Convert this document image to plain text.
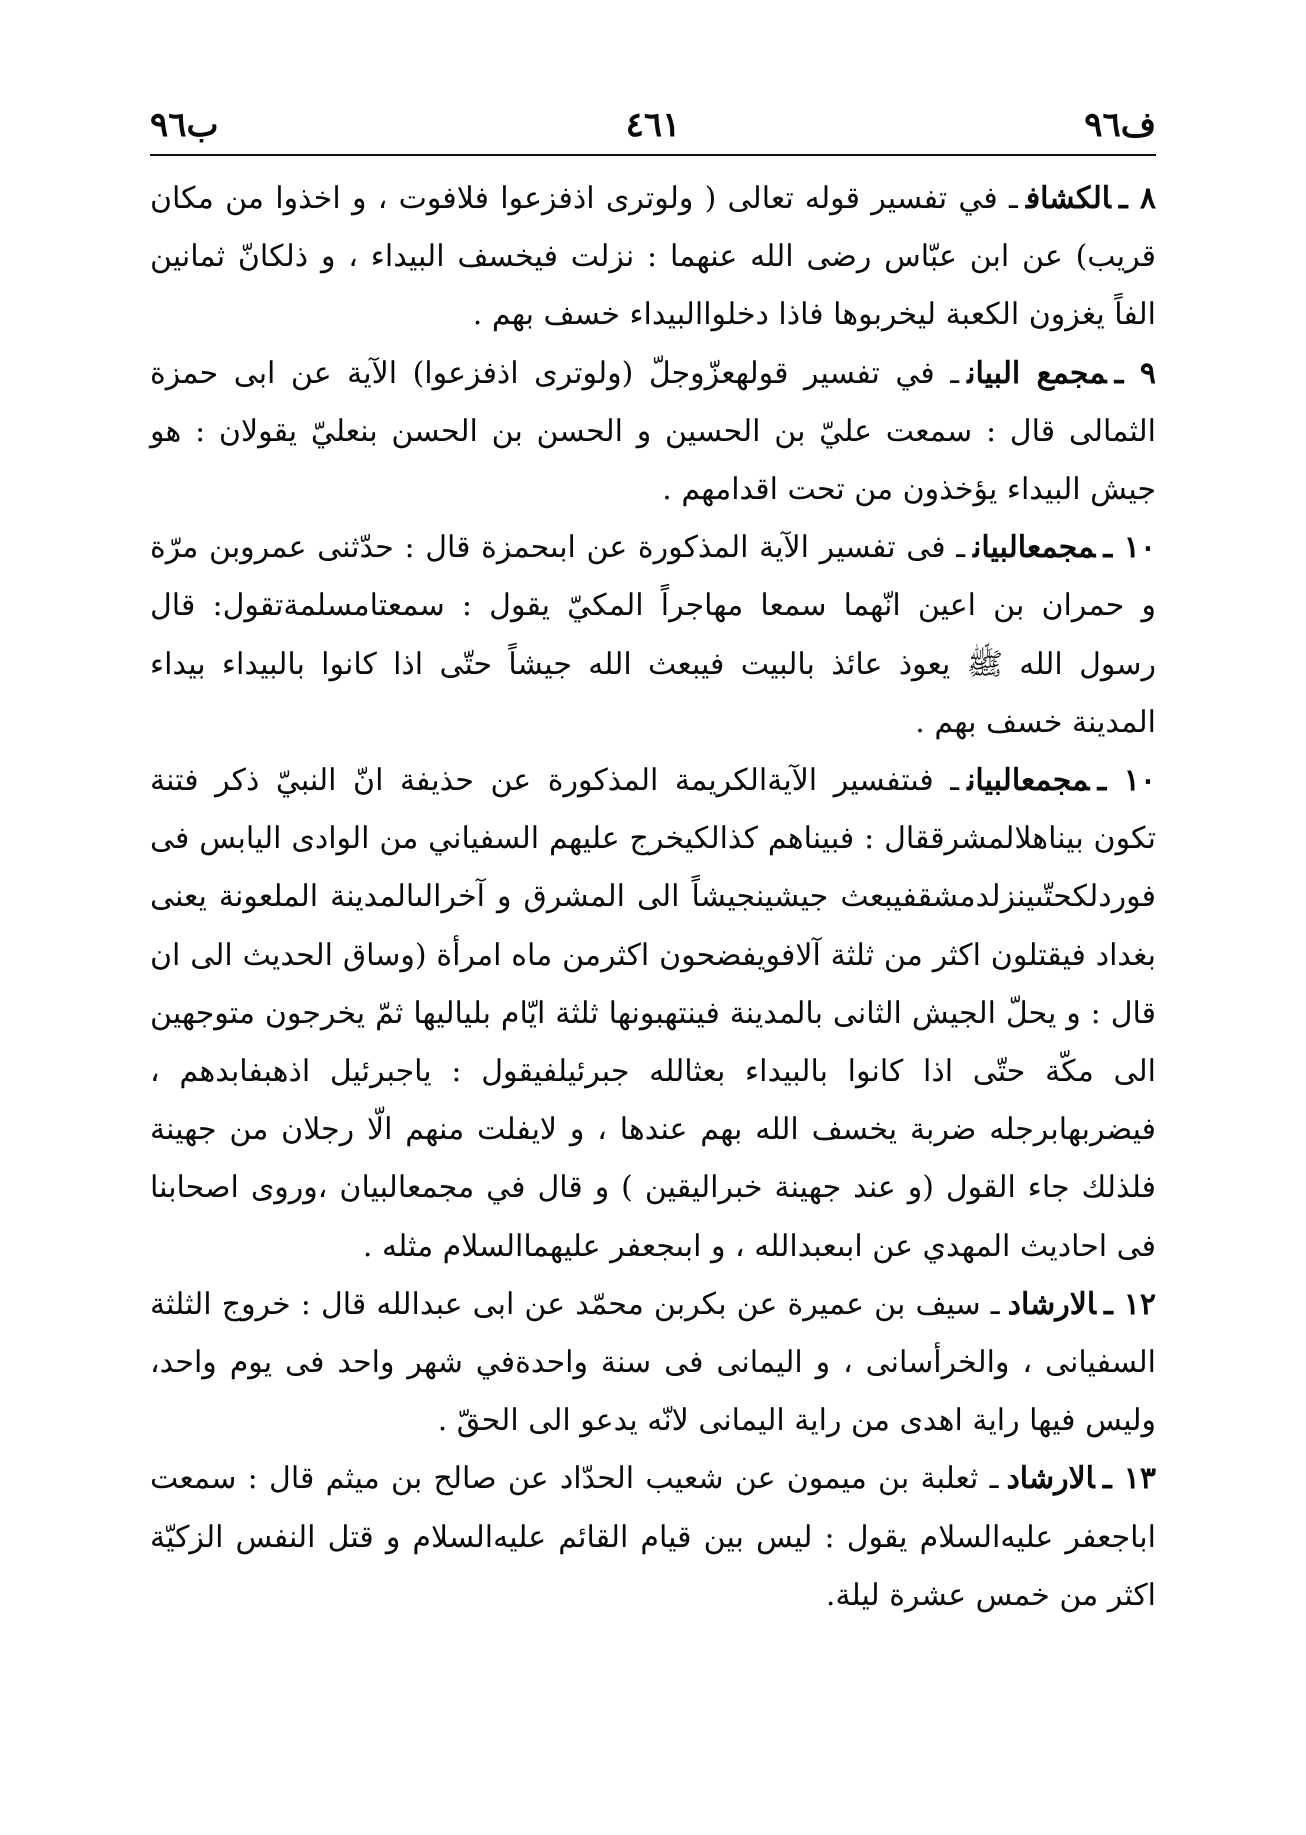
ف٩٦
٤٦١
ب٩٦

٨ ـالكشافـ في تفسير قوله تعالى ( ولوترى اذفزعوا فلافوت ، و اخذوا من مكان قريب) عن ابن عبّاس رضى الله عنهما : نزلت فيخسف البيداء ، و ذلكانّ ثمانين الفاً يغزون الكعبة ليخربوها فاذا دخلواالبيداء خسف بهم .

٩ ـمجمع البيانـ في تفسير قولهعزّوجلّ (ولوترى اذفزعوا) الآية عن ابى حمزة الثمالى قال : سمعت عليّ بن الحسين و الحسن بن الحسن بنعليّ يقولان : هو جيش البيداء يؤخذون من تحت اقدامهم .

١٠ ـمجمعالبيانـ فى تفسير الآية المذكورة عن ابىحمزة قال : حدّثنى عمروبن مرّة و حمران بن اعين انّهما سمعا مهاجراً المكيّ يقول : سمعتامسلمةتقول: قال رسول الله ﷺ يعوذ عائذ بالبيت فيبعث الله جيشاً حتّى اذا كانوا بالبيداء بيداء المدينة خسف بهم .

١٠ ـمجمعالبيانـ فىتفسير الآيةالكريمة المذكورة عن حذيفة انّ النبيّ ذكر فتنة تكون بيناهلالمشرققال : فبيناهم كذالكيخرج عليهم السفياني من الوادى اليابس فى فوردلكحتّىينزلدمشقفيبعث جيشينجيشاً الى المشرق و آخرالىالمدينة الملعونة يعنى بغداد فيقتلون اكثر من ثلثة آلافويفضحون اكثرمن ماه امرأة (وساق الحديث الى ان قال : و يحلّ الجيش الثانى بالمدينة فينتهبونها ثلثة ايّام بلياليها ثمّ يخرجون متوجهين الى مكّة حتّى اذا كانوا بالبيداء بعثالله جبرئيلفيقول : ياجبرئيل اذهبفابدهم ، فيضربهابرجله ضربة يخسف الله بهم عندها ، و لايفلت منهم الّا رجلان من جهينة فلذلك جاء القول (و عند جهينة خبراليقين ) و قال في مجمعالبيان ،وروى اصحابنا فى احاديث المهدي عن ابىعبدالله ، و ابىجعفر عليهماالسلام مثله .

١٢ ـالارشادـ سيف بن عميرة عن بكربن محمّد عن ابى عبدالله قال : خروج الثلثة السفيانى ، والخرأسانى ، و اليمانى فى سنة واحدةفي شهر واحد فى يوم واحد، وليس فيها راية اهدى من راية اليمانى لانّه يدعو الى الحقّ .

١٣ ـالارشادـ ثعلبة بن ميمون عن شعيب الحدّاد عن صالح بن ميثم قال : سمعت اباجعفر عليه‌السلام يقول : ليس بين قيام القائم عليه‌السلام و قتل النفس الزكيّة اكثر من خمس عشرة ليلة.
